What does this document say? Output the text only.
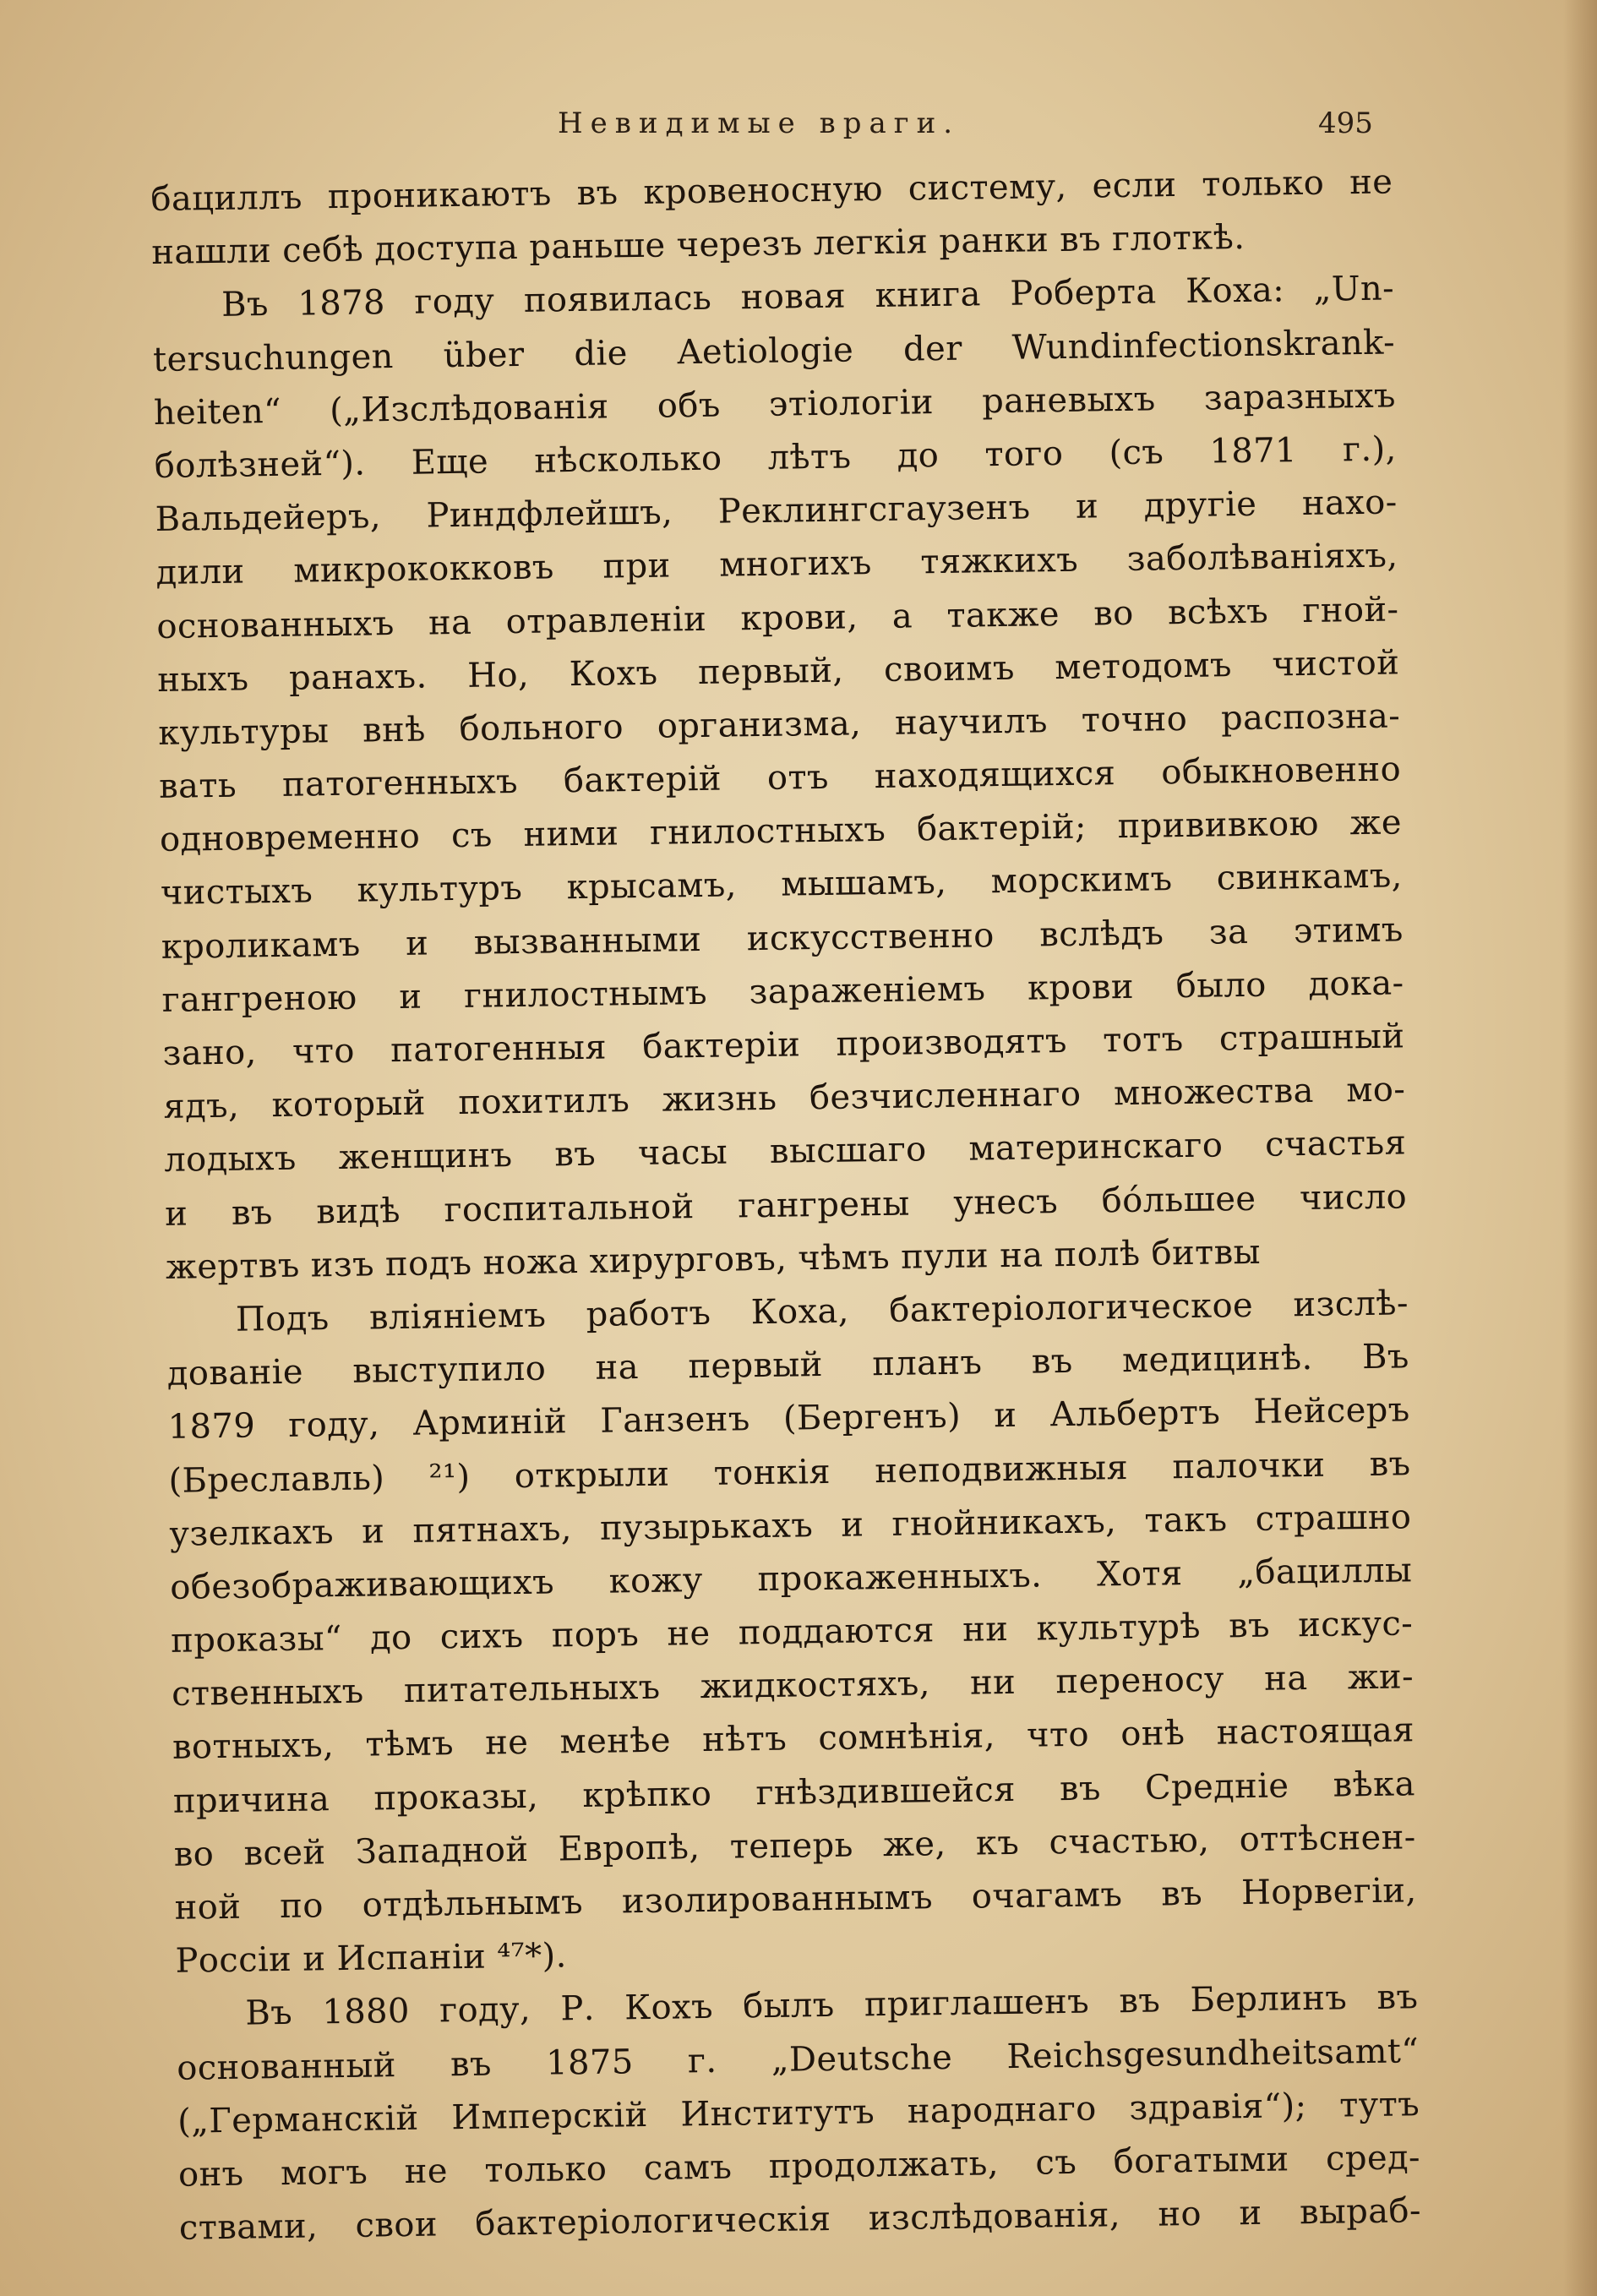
Невидимые враги.	495
бациллъ проникаютъ въ кровеносную систему, если только не
нашли себѣ доступа раньше черезъ легкія ранки въ глоткѣ.
Въ 1878 году появилась новая книга Роберта Коха: „Un-
tersuchungen über die Aetiologie der Wundinfectionskrank-
heiten“ („Изслѣдованія объ этіологіи раневыхъ заразныхъ
болѣзней“). Еще нѣсколько лѣтъ до того (съ 1871 г.),
Вальдейеръ, Риндфлейшъ, Реклингсгаузенъ и другіе нахо-
дили микрококковъ при многихъ тяжкихъ заболѣваніяхъ,
основанныхъ на отравленіи крови, а также во всѣхъ гной-
ныхъ ранахъ. Но, Кохъ первый, своимъ методомъ чистой
культуры внѣ больного организма, научилъ точно распозна-
вать патогенныхъ бактерій отъ находящихся обыкновенно
одновременно съ ними гнилостныхъ бактерій; прививкою же
чистыхъ культуръ крысамъ, мышамъ, морскимъ свинкамъ,
кроликамъ и вызванными искусственно вслѣдъ за этимъ
гангреною и гнилостнымъ зараженіемъ крови было дока-
зано, что патогенныя бактеріи производятъ тотъ страшный
ядъ, который похитилъ жизнь безчисленнаго множества мо-
лодыхъ женщинъ въ часы высшаго материнскаго счастья
и въ видѣ госпитальной гангрены унесъ бо́льшее число
жертвъ изъ подъ ножа хирурговъ, чѣмъ пули на полѣ битвы
Подъ вліяніемъ работъ Коха, бактеріологическое изслѣ-
дованіе выступило на первый планъ въ медицинѣ. Въ
1879 году, Арминій Ганзенъ (Бергенъ) и Альбертъ Нейсеръ
(Бреславль) ²¹) открыли тонкія неподвижныя палочки въ
узелкахъ и пятнахъ, пузырькахъ и гнойникахъ, такъ страшно
обезображивающихъ кожу прокаженныхъ. Хотя „бациллы
проказы“ до сихъ поръ не поддаются ни культурѣ въ искус-
ственныхъ питательныхъ жидкостяхъ, ни переносу на жи-
вотныхъ, тѣмъ не менѣе нѣтъ сомнѣнія, что онѣ настоящая
причина проказы, крѣпко гнѣздившейся въ Средніе вѣка
во всей Западной Европѣ, теперь же, къ счастью, оттѣснен-
ной по отдѣльнымъ изолированнымъ очагамъ въ Норвегіи,
Россіи и Испаніи ⁴⁷*).
Въ 1880 году, Р. Кохъ былъ приглашенъ въ Берлинъ въ
основанный въ 1875 г. „Deutsche Reichsgesundheitsamt“
(„Германскій Имперскій Институтъ народнаго здравія“); тутъ
онъ могъ не только самъ продолжать, съ богатыми сред-
ствами, свои бактеріологическія изслѣдованія, но и выраб-
